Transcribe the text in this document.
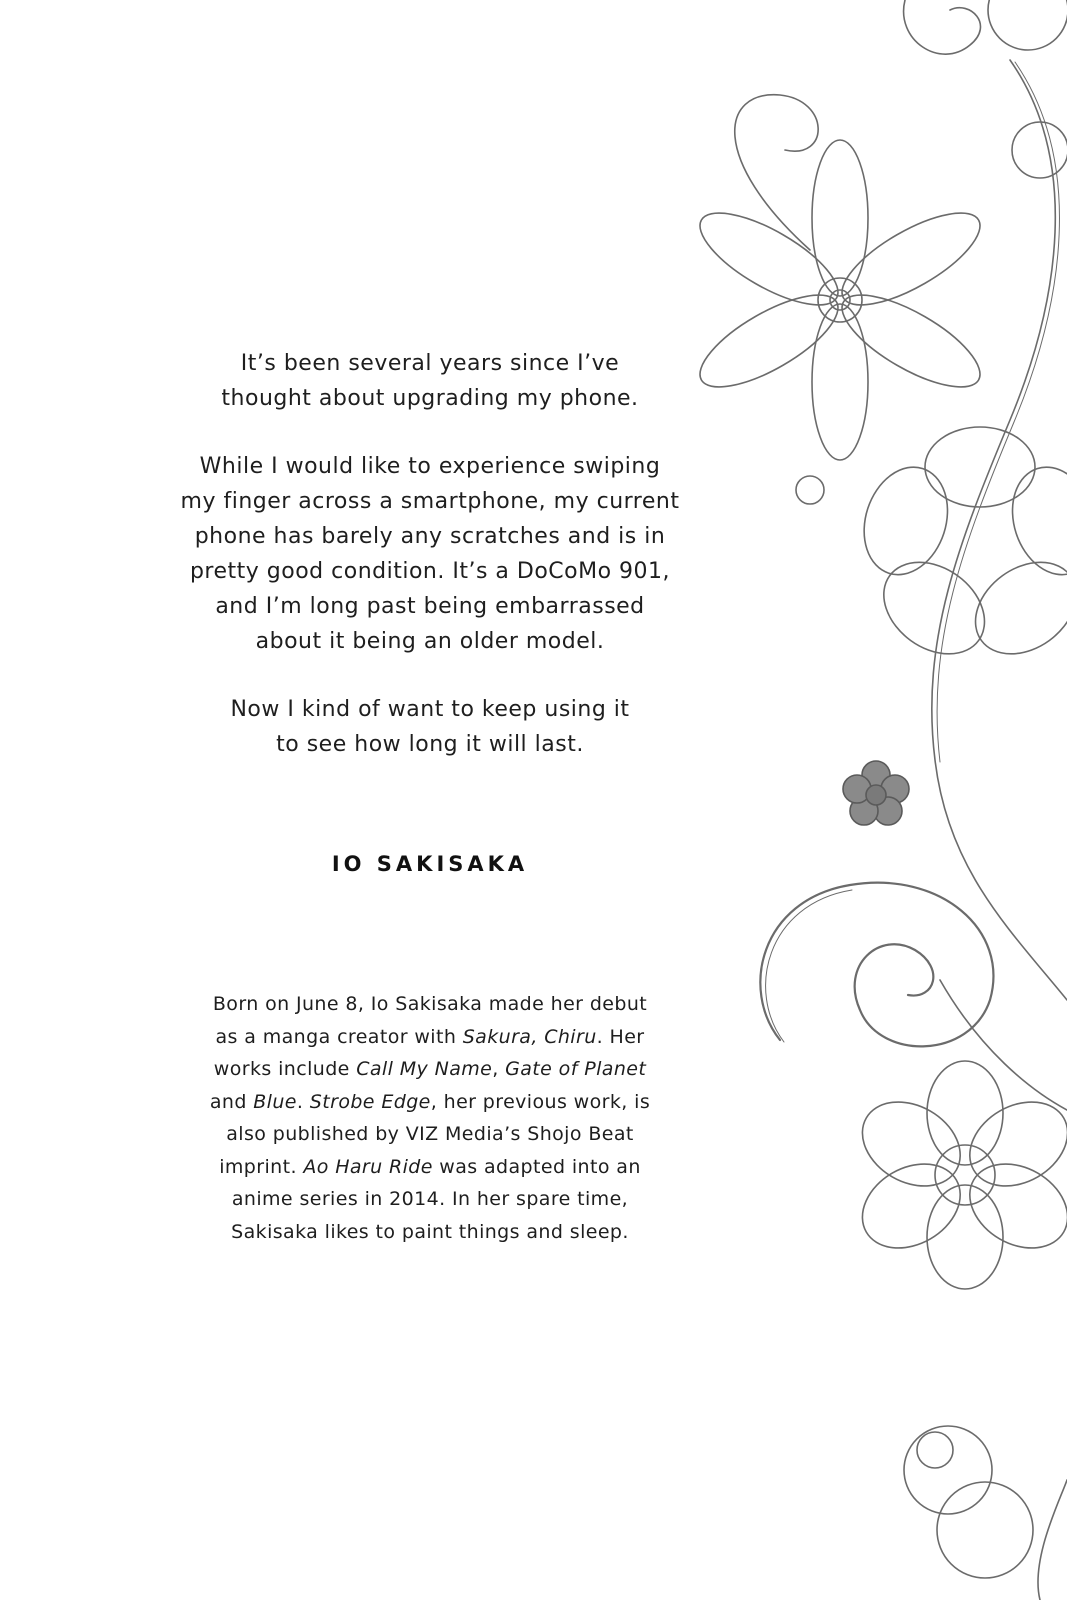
It’s been several years since I’ve
thought about upgrading my phone.

While I would like to experience swiping
my finger across a smartphone, my current
phone has barely any scratches and is in
pretty good condition. It’s a DoCoMo 901,
and I’m long past being embarrassed
about it being an older model.

Now I kind of want to keep using it
to see how long it will last.

IO SAKISAKA
Born on June 8, Io Sakisaka made her debut
as a manga creator with Sakura, Chiru. Her
works include Call My Name, Gate of Planet
and Blue. Strobe Edge, her previous work, is
also published by VIZ Media’s Shojo Beat
imprint. Ao Haru Ride was adapted into an
anime series in 2014. In her spare time,
Sakisaka likes to paint things and sleep.
